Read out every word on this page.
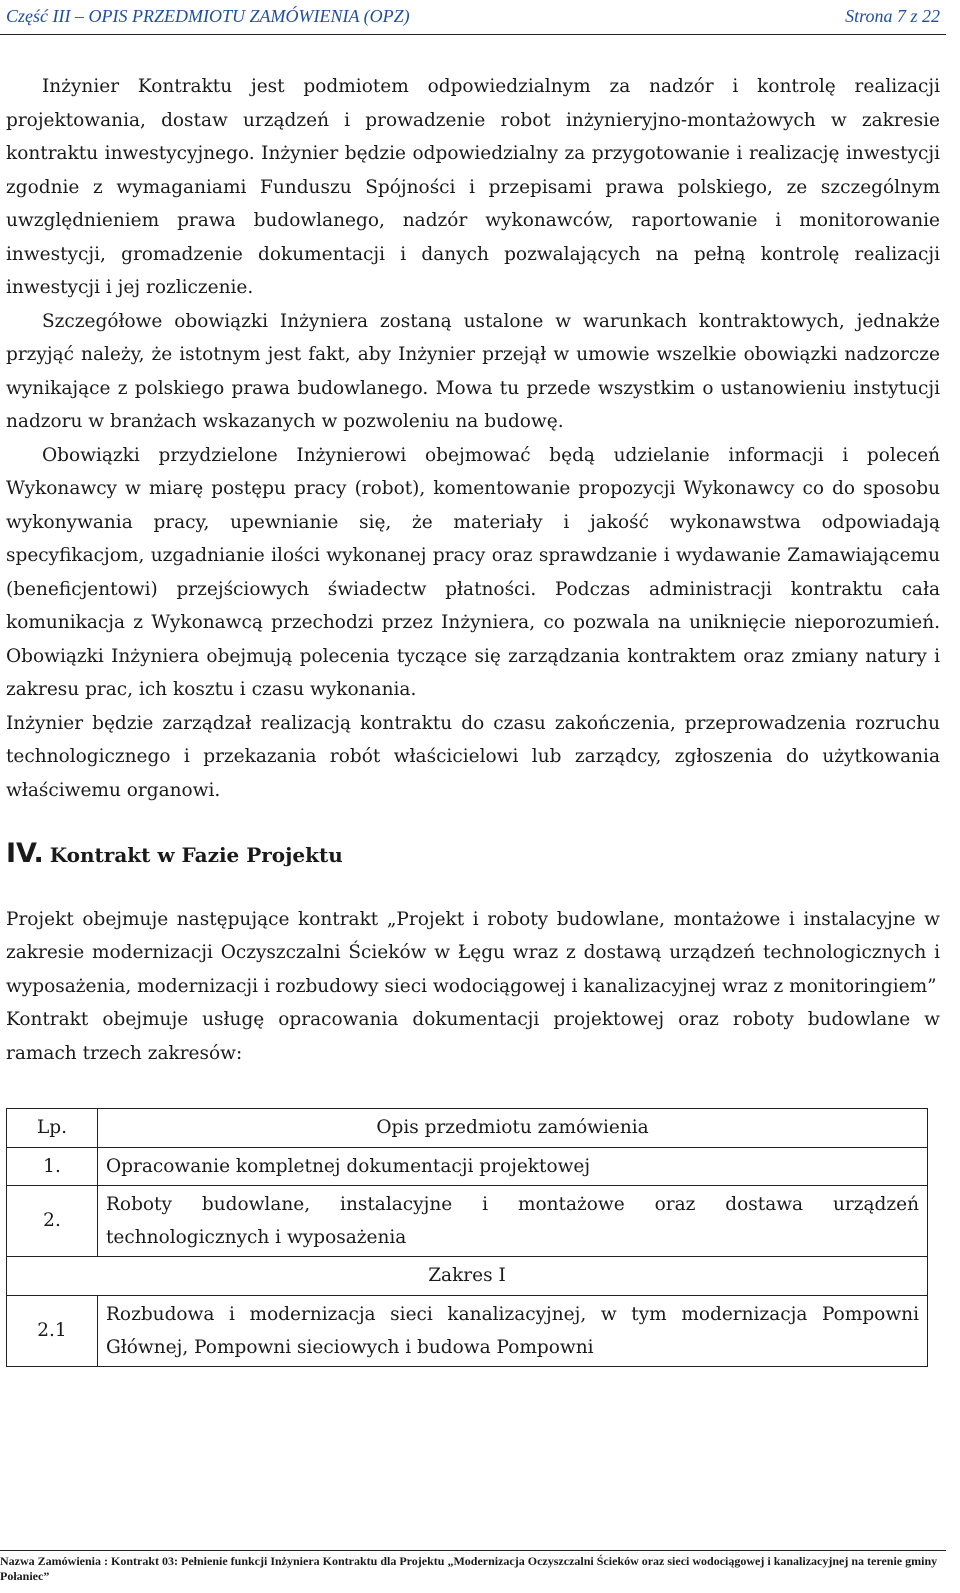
Część III – OPIS PRZEDMIOTU ZAMÓWIENIA (OPZ)	Strona 7 z 22

Inżynier Kontraktu jest podmiotem odpowiedzialnym za nadzór i kontrolę realizacji projektowania, dostaw urządzeń i prowadzenie robot inżynieryjno-montażowych w zakresie kontraktu inwestycyjnego. Inżynier będzie odpowiedzialny za przygotowanie i realizację inwestycji zgodnie z wymaganiami Funduszu Spójności i przepisami prawa polskiego, ze szczególnym uwzględnieniem prawa budowlanego, nadzór wykonawców, raportowanie i monitorowanie inwestycji, gromadzenie dokumentacji i danych pozwalających na pełną kontrolę realizacji inwestycji i jej rozliczenie.

Szczegółowe obowiązki Inżyniera zostaną ustalone w warunkach kontraktowych, jednakże przyjąć należy, że istotnym jest fakt, aby Inżynier przejął w umowie wszelkie obowiązki nadzorcze wynikające z polskiego prawa budowlanego. Mowa tu przede wszystkim o ustanowieniu instytucji nadzoru w branżach wskazanych w pozwoleniu na budowę.

Obowiązki przydzielone Inżynierowi obejmować będą udzielanie informacji i poleceń Wykonawcy w miarę postępu pracy (robot), komentowanie propozycji Wykonawcy co do sposobu wykonywania pracy, upewnianie się, że materiały i jakość wykonawstwa odpowiadają specyfikacjom, uzgadnianie ilości wykonanej pracy oraz sprawdzanie i wydawanie Zamawiającemu (beneficjentowi) przejściowych świadectw płatności. Podczas administracji kontraktu cała komunikacja z Wykonawcą przechodzi przez Inżyniera, co pozwala na uniknięcie nieporozumień. Obowiązki Inżyniera obejmują polecenia tyczące się zarządzania kontraktem oraz zmiany natury i zakresu prac, ich kosztu i czasu wykonania.

Inżynier będzie zarządzał realizacją kontraktu do czasu zakończenia, przeprowadzenia rozruchu technologicznego i przekazania robót właścicielowi lub zarządcy, zgłoszenia do użytkowania właściwemu organowi.

IV. Kontrakt w Fazie Projektu

Projekt obejmuje następujące kontrakt „Projekt i roboty budowlane, montażowe i instalacyjne w zakresie modernizacji Oczyszczalni Ścieków w Łęgu wraz z dostawą urządzeń technologicznych i wyposażenia, modernizacji i rozbudowy sieci wodociągowej i kanalizacyjnej wraz z monitoringiem”

Kontrakt obejmuje usługę opracowania dokumentacji projektowej oraz roboty budowlane w ramach trzech zakresów:

Lp.	Opis przedmiotu zamówienia
1.	Opracowanie kompletnej dokumentacji projektowej
2.	Roboty budowlane, instalacyjne i montażowe oraz dostawa urządzeń technologicznych i wyposażenia
Zakres I	
2.1	Rozbudowa i modernizacja sieci kanalizacyjnej, w tym modernizacja Pompowni Głównej, Pompowni sieciowych i budowa Pompowni
Nazwa Zamówienia : Kontrakt 03: Pełnienie funkcji Inżyniera Kontraktu dla Projektu „Modernizacja Oczyszczalni Ścieków oraz sieci wodociągowej i kanalizacyjnej na terenie gminy Połaniec”
